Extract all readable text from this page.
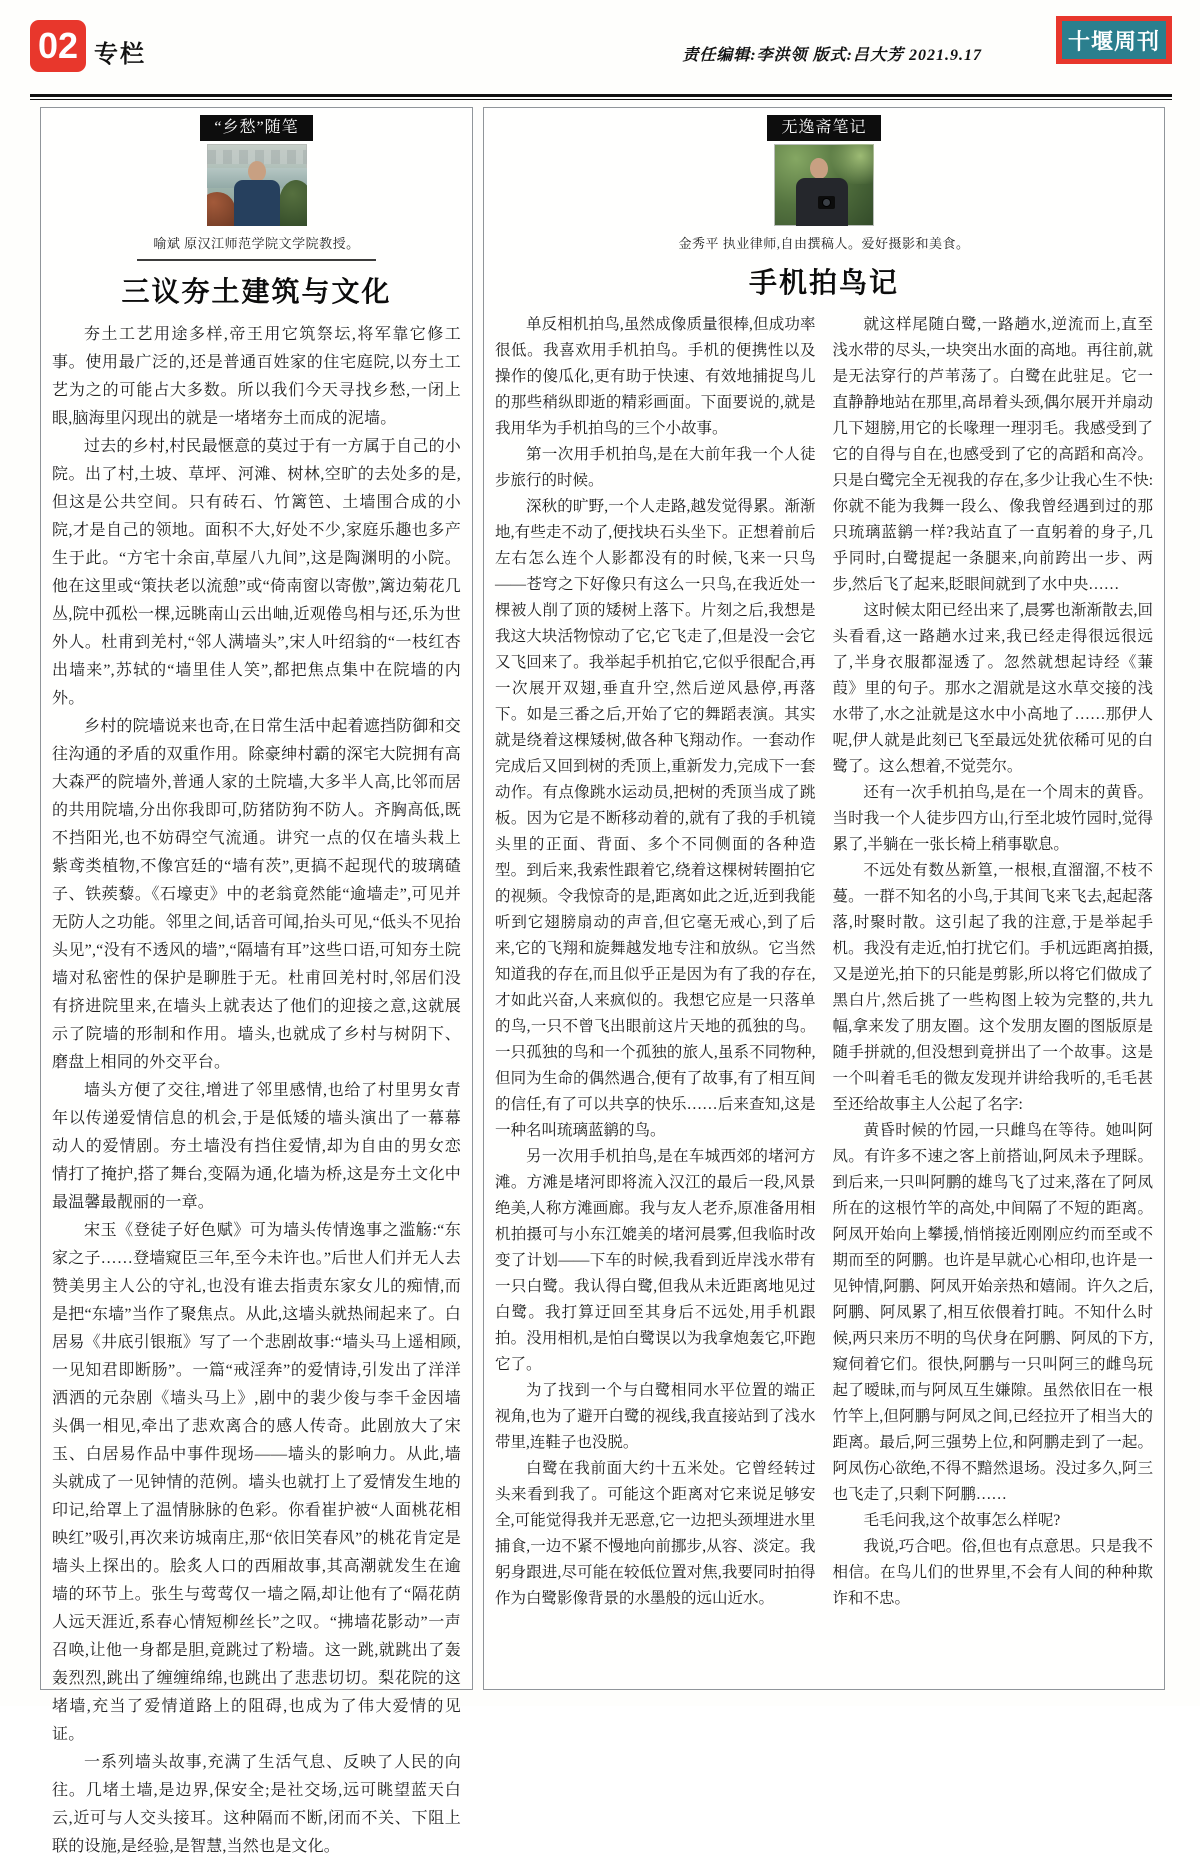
02 专栏	责任编辑:李洪领 版式:吕大芳 2021.9.17
十堰周刊
“乡愁”随笔

喻斌 原汉江师范学院文学院教授。
三议夯土建筑与文化

夯土工艺用途多样,帝王用它筑祭坛,将军靠它修工事。使用最广泛的,还是普通百姓家的住宅庭院,以夯土工艺为之的可能占大多数。所以我们今天寻找乡愁,一闭上眼,脑海里闪现出的就是一堵堵夯土而成的泥墙。

过去的乡村,村民最惬意的莫过于有一方属于自己的小院。出了村,土坡、草坪、河滩、树林,空旷的去处多的是,但这是公共空间。只有砖石、竹篱笆、土墙围合成的小院,才是自己的领地。面积不大,好处不少,家庭乐趣也多产生于此。“方宅十余亩,草屋八九间”,这是陶渊明的小院。他在这里或“策扶老以流憩”或“倚南窗以寄傲”,篱边菊花几丛,院中孤松一棵,远眺南山云出岫,近观倦鸟相与还,乐为世外人。杜甫到羌村,“邻人满墙头”,宋人叶绍翁的“一枝红杏出墙来”,苏轼的“墙里佳人笑”,都把焦点集中在院墙的内外。

乡村的院墙说来也奇,在日常生活中起着遮挡防御和交往沟通的矛盾的双重作用。除豪绅村霸的深宅大院拥有高大森严的院墙外,普通人家的土院墙,大多半人高,比邻而居的共用院墙,分出你我即可,防猪防狗不防人。齐胸高低,既不挡阳光,也不妨碍空气流通。讲究一点的仅在墙头栽上紫鸢类植物,不像宫廷的“墙有茨”,更搞不起现代的玻璃碴子、铁蒺藜。《石壕吏》中的老翁竟然能“逾墙走”,可见并无防人之功能。邻里之间,话音可闻,抬头可见,“低头不见抬头见”,“没有不透风的墙”,“隔墙有耳”这些口语,可知夯土院墙对私密性的保护是聊胜于无。杜甫回羌村时,邻居们没有挤进院里来,在墙头上就表达了他们的迎接之意,这就展示了院墙的形制和作用。墙头,也就成了乡村与树阴下、磨盘上相同的外交平台。

墙头方便了交往,增进了邻里感情,也给了村里男女青年以传递爱情信息的机会,于是低矮的墙头演出了一幕幕动人的爱情剧。夯土墙没有挡住爱情,却为自由的男女恋情打了掩护,搭了舞台,变隔为通,化墙为桥,这是夯土文化中最温馨最靓丽的一章。

宋玉《登徒子好色赋》可为墙头传情逸事之滥觞:“东家之子……登墙窥臣三年,至今未许也。”后世人们并无人去赞美男主人公的守礼,也没有谁去指责东家女儿的痴情,而是把“东墙”当作了聚焦点。从此,这墙头就热闹起来了。白居易《井底引银瓶》写了一个悲剧故事:“墙头马上遥相顾,一见知君即断肠”。一篇“戒淫奔”的爱情诗,引发出了洋洋洒洒的元杂剧《墙头马上》,剧中的裴少俊与李千金因墙头偶一相见,牵出了悲欢离合的感人传奇。此剧放大了宋玉、白居易作品中事件现场——墙头的影响力。从此,墙头就成了一见钟情的范例。墙头也就打上了爱情发生地的印记,给罩上了温情脉脉的色彩。你看崔护被“人面桃花相映红”吸引,再次来访城南庄,那“依旧笑春风”的桃花肯定是墙头上探出的。脍炙人口的西厢故事,其高潮就发生在逾墙的环节上。张生与莺莺仅一墙之隔,却让他有了“隔花荫人远天涯近,系春心情短柳丝长”之叹。“拂墙花影动”一声召唤,让他一身都是胆,竟跳过了粉墙。这一跳,就跳出了轰轰烈烈,跳出了缠缠绵绵,也跳出了悲悲切切。梨花院的这堵墙,充当了爱情道路上的阻碍,也成为了伟大爱情的见证。

一系列墙头故事,充满了生活气息、反映了人民的向往。几堵土墙,是边界,保安全;是社交场,远可眺望蓝天白云,近可与人交头接耳。这种隔而不断,闭而不关、下阻上联的设施,是经验,是智慧,当然也是文化。

无逸斋笔记

金秀平 执业律师,自由撰稿人。爱好摄影和美食。
手机拍鸟记

单反相机拍鸟,虽然成像质量很棒,但成功率很低。我喜欢用手机拍鸟。手机的便携性以及操作的傻瓜化,更有助于快速、有效地捕捉鸟儿的那些稍纵即逝的精彩画面。下面要说的,就是我用华为手机拍鸟的三个小故事。

第一次用手机拍鸟,是在大前年我一个人徒步旅行的时候。

深秋的旷野,一个人走路,越发觉得累。渐渐地,有些走不动了,便找块石头坐下。正想着前后左右怎么连个人影都没有的时候,飞来一只鸟——苍穹之下好像只有这么一只鸟,在我近处一棵被人削了顶的矮树上落下。片刻之后,我想是我这大块活物惊动了它,它飞走了,但是没一会它又飞回来了。我举起手机拍它,它似乎很配合,再一次展开双翅,垂直升空,然后逆风悬停,再落下。如是三番之后,开始了它的舞蹈表演。其实就是绕着这棵矮树,做各种飞翔动作。一套动作完成后又回到树的秃顶上,重新发力,完成下一套动作。有点像跳水运动员,把树的秃顶当成了跳板。因为它是不断移动着的,就有了我的手机镜头里的正面、背面、多个不同侧面的各种造型。到后来,我索性跟着它,绕着这棵树转圈拍它的视频。令我惊奇的是,距离如此之近,近到我能听到它翅膀扇动的声音,但它毫无戒心,到了后来,它的飞翔和旋舞越发地专注和放纵。它当然知道我的存在,而且似乎正是因为有了我的存在,才如此兴奋,人来疯似的。我想它应是一只落单的鸟,一只不曾飞出眼前这片天地的孤独的鸟。一只孤独的鸟和一个孤独的旅人,虽系不同物种,但同为生命的偶然遇合,便有了故事,有了相互间的信任,有了可以共享的快乐……后来查知,这是一种名叫琉璃蓝鹟的鸟。

另一次用手机拍鸟,是在车城西郊的堵河方滩。方滩是堵河即将流入汉江的最后一段,风景绝美,人称方滩画廊。我与友人老乔,原准备用相机拍摄可与小东江媲美的堵河晨雾,但我临时改变了计划——下车的时候,我看到近岸浅水带有一只白鹭。我认得白鹭,但我从未近距离地见过白鹭。我打算迂回至其身后不远处,用手机跟拍。没用相机,是怕白鹭误以为我拿炮轰它,吓跑它了。

为了找到一个与白鹭相同水平位置的端正视角,也为了避开白鹭的视线,我直接站到了浅水带里,连鞋子也没脱。

白鹭在我前面大约十五米处。它曾经转过头来看到我了。可能这个距离对它来说足够安全,可能觉得我并无恶意,它一边把头颈埋进水里捕食,一边不紧不慢地向前挪步,从容、淡定。我躬身跟进,尽可能在较低位置对焦,我要同时拍得作为白鹭影像背景的水墨般的远山近水。

就这样尾随白鹭,一路趟水,逆流而上,直至浅水带的尽头,一块突出水面的高地。再往前,就是无法穿行的芦苇荡了。白鹭在此驻足。它一直静静地站在那里,高昂着头颈,偶尔展开并扇动几下翅膀,用它的长喙理一理羽毛。我感受到了它的自得与自在,也感受到了它的高蹈和高冷。只是白鹭完全无视我的存在,多少让我心生不快:你就不能为我舞一段么、像我曾经遇到过的那只琉璃蓝鹟一样?我站直了一直躬着的身子,几乎同时,白鹭提起一条腿来,向前跨出一步、两步,然后飞了起来,眨眼间就到了水中央……

这时候太阳已经出来了,晨雾也渐渐散去,回头看看,这一路趟水过来,我已经走得很远很远了,半身衣服都湿透了。忽然就想起诗经《蒹葭》里的句子。那水之湄就是这水草交接的浅水带了,水之沚就是这水中小高地了……那伊人呢,伊人就是此刻已飞至最远处犹依稀可见的白鹭了。这么想着,不觉莞尔。

还有一次手机拍鸟,是在一个周末的黄昏。当时我一个人徒步四方山,行至北坡竹园时,觉得累了,半躺在一张长椅上稍事歇息。

不远处有数丛新篁,一根根,直溜溜,不枝不蔓。一群不知名的小鸟,于其间飞来飞去,起起落落,时聚时散。这引起了我的注意,于是举起手机。我没有走近,怕打扰它们。手机远距离拍摄,又是逆光,拍下的只能是剪影,所以将它们做成了黑白片,然后挑了一些构图上较为完整的,共九幅,拿来发了朋友圈。这个发朋友圈的图版原是随手拼就的,但没想到竟拼出了一个故事。这是一个叫着毛毛的微友发现并讲给我听的,毛毛甚至还给故事主人公起了名字:

黄昏时候的竹园,一只雌鸟在等待。她叫阿凤。有许多不速之客上前搭讪,阿凤未予理睬。到后来,一只叫阿鹏的雄鸟飞了过来,落在了阿凤所在的这根竹竿的高处,中间隔了不短的距离。阿凤开始向上攀援,悄悄接近刚刚应约而至或不期而至的阿鹏。也许是早就心心相印,也许是一见钟情,阿鹏、阿凤开始亲热和嬉闹。许久之后,阿鹏、阿凤累了,相互依偎着打盹。不知什么时候,两只来历不明的鸟伏身在阿鹏、阿凤的下方,窥伺着它们。很快,阿鹏与一只叫阿三的雌鸟玩起了暧昧,而与阿凤互生嫌隙。虽然依旧在一根竹竿上,但阿鹏与阿凤之间,已经拉开了相当大的距离。最后,阿三强势上位,和阿鹏走到了一起。阿凤伤心欲绝,不得不黯然退场。没过多久,阿三也飞走了,只剩下阿鹏……

毛毛问我,这个故事怎么样呢?

我说,巧合吧。俗,但也有点意思。只是我不相信。在鸟儿们的世界里,不会有人间的种种欺诈和不忠。
